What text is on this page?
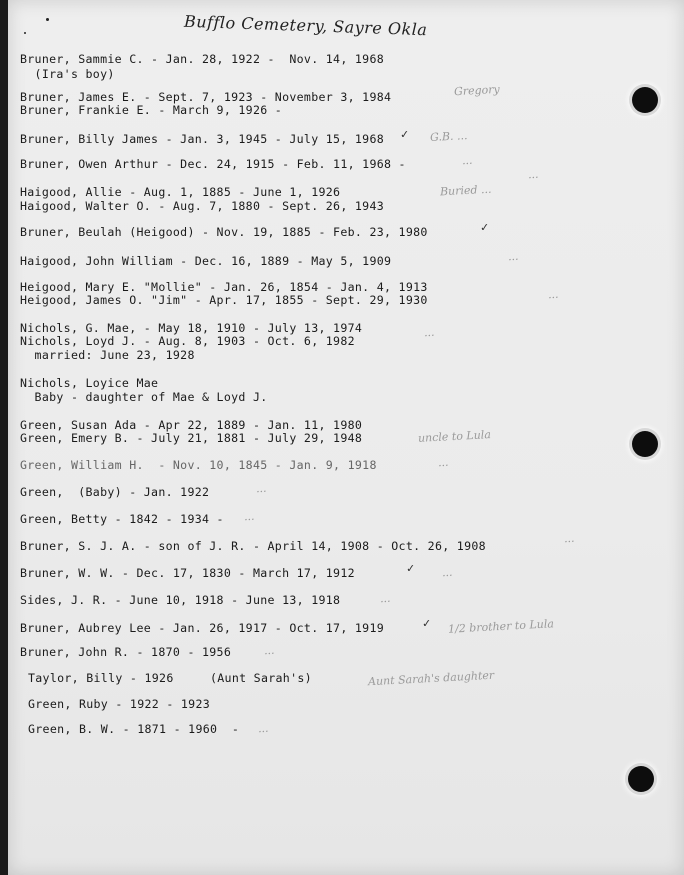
Bufflo Cemetery, Sayre Okla
Bruner, Sammie C. - Jan. 28, 1922 -  Nov. 14, 1968
(Ira's boy)
Bruner, James E. - Sept. 7, 1923 - November 3, 1984	Gregory
Bruner, Frankie E. - March 9, 1926 -
Bruner, Billy James - Jan. 3, 1945 - July 15, 1968 ✓ G.B. ...
Bruner, Owen Arthur - Dec. 24, 1915 - Feb. 11, 1968 -	...
Haigood, Allie - Aug. 1, 1885 - June 1, 1926
Haigood, Walter O. - Aug. 7, 1880 - Sept. 26, 1943
Buried ...
Bruner, Beulah (Heigood) - Nov. 19, 1885 - Feb. 23, 1980	✓
Haigood, John William - Dec. 16, 1889 - May 5, 1909	...
Heigood, Mary E. "Mollie" - Jan. 26, 1854 - Jan. 4, 1913
Heigood, James O. "Jim" - Apr. 17, 1855 - Sept. 29, 1930	...
Nichols, G. Mae, - May 18, 1910 - July 13, 1974
Nichols, Loyd J. - Aug. 8, 1903 - Oct. 6, 1982
married: June 23, 1928
...
Nichols, Loyice Mae
Baby - daughter of Mae & Loyd J.
Green, Susan Ada - Apr 22, 1889 - Jan. 11, 1980
Green, Emery B. - July 21, 1881 - July 29, 1948	uncle to Lula
Green, William H.  - Nov. 10, 1845 - Jan. 9, 1918	...
Green,  (Baby) - Jan. 1922	...
Green, Betty - 1842 - 1934 - ...
Bruner, S. J. A. - son of J. R. - April 14, 1908 - Oct. 26, 1908
...
Bruner, W. W. - Dec. 17, 1830 - March 17, 1912	✓ ...
Sides, J. R. - June 10, 1918 - June 13, 1918	...
Bruner, Aubrey Lee - Jan. 26, 1917 - Oct. 17, 1919	✓ 1/2 brother to Lula
Bruner, John R. - 1870 - 1956	...
Taylor, Billy - 1926     (Aunt Sarah's)	Aunt Sarah's daughter
Green, Ruby - 1922 - 1923
Green, B. W. - 1871 - 1960  - ...
...
